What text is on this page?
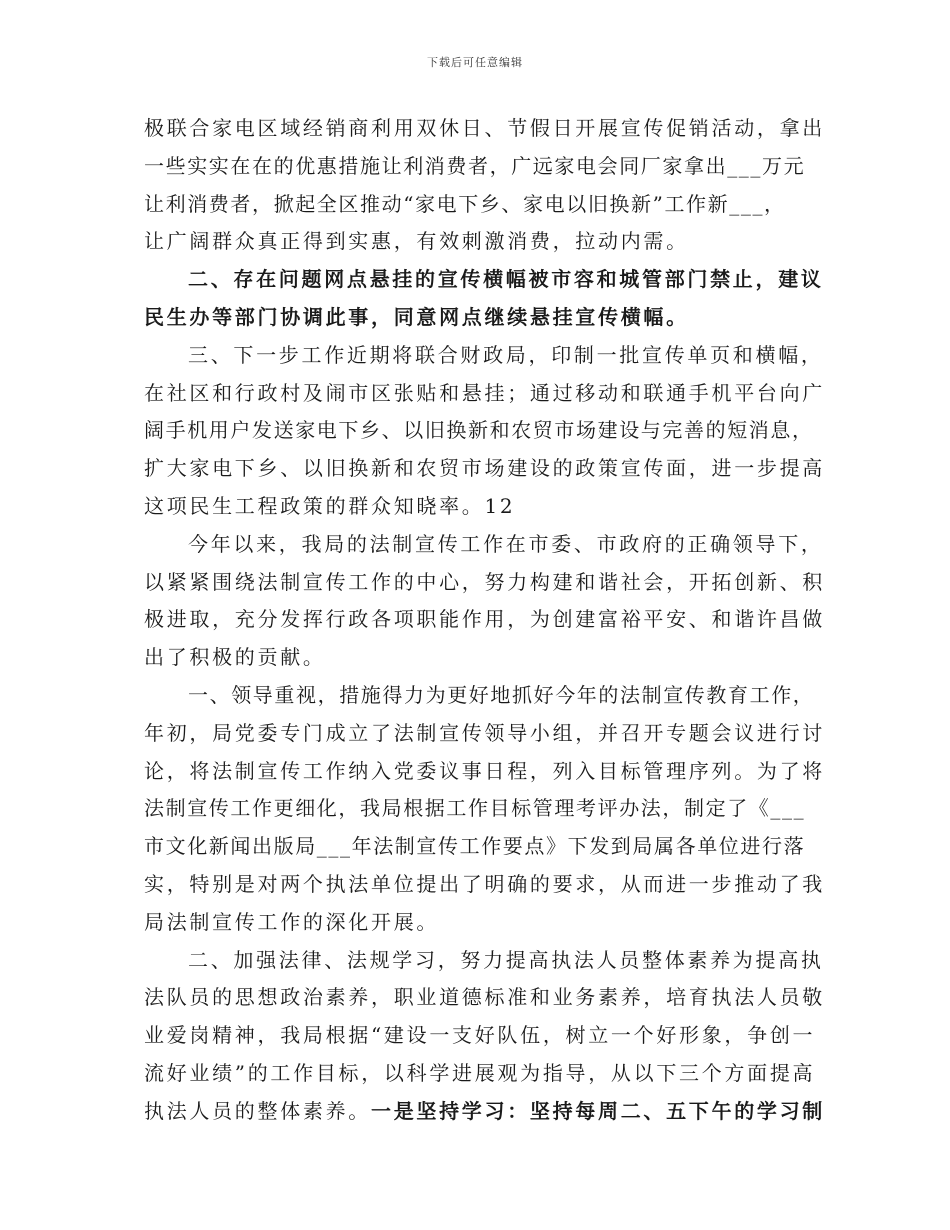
下载后可任意编辑
极联合家电区域经销商利用双休日、节假日开展宣传促销活动，拿出
一些实实在在的优惠措施让利消费者，广远家电会同厂家拿出___万元
让利消费者，掀起全区推动“家电下乡、家电以旧换新”工作新___，
让广阔群众真正得到实惠，有效刺激消费，拉动内需。
二、存在问题网点悬挂的宣传横幅被市容和城管部门禁止，建议
民生办等部门协调此事，同意网点继续悬挂宣传横幅。
三、下一步工作近期将联合财政局，印制一批宣传单页和横幅，
在社区和行政村及闹市区张贴和悬挂；通过移动和联通手机平台向广
阔手机用户发送家电下乡、以旧换新和农贸市场建设与完善的短消息，
扩大家电下乡、以旧换新和农贸市场建设的政策宣传面，进一步提高
这项民生工程政策的群众知晓率。12
今年以来，我局的法制宣传工作在市委、市政府的正确领导下，
以紧紧围绕法制宣传工作的中心，努力构建和谐社会，开拓创新、积
极进取，充分发挥行政各项职能作用，为创建富裕平安、和谐许昌做
出了积极的贡献。
一、领导重视，措施得力为更好地抓好今年的法制宣传教育工作，
年初，局党委专门成立了法制宣传领导小组，并召开专题会议进行讨
论，将法制宣传工作纳入党委议事日程，列入目标管理序列。为了将
法制宣传工作更细化，我局根据工作目标管理考评办法，制定了《___
市文化新闻出版局___年法制宣传工作要点》下发到局属各单位进行落
实，特别是对两个执法单位提出了明确的要求，从而进一步推动了我
局法制宣传工作的深化开展。
二、加强法律、法规学习，努力提高执法人员整体素养为提高执
法队员的思想政治素养，职业道德标准和业务素养，培育执法人员敬
业爱岗精神，我局根据“建设一支好队伍，树立一个好形象，争创一
流好业绩”的工作目标，以科学进展观为指导，从以下三个方面提高
执法人员的整体素养。一是坚持学习：坚持每周二、五下午的学习制
